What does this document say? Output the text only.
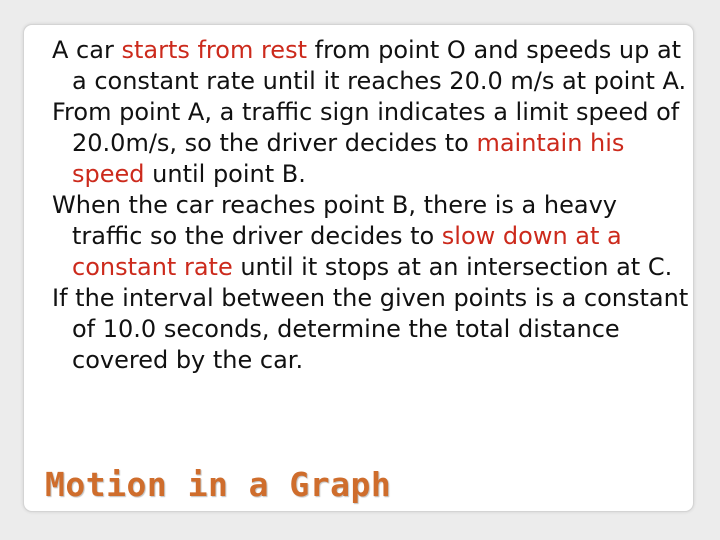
A car starts from rest from point O and speeds up at a constant rate until it reaches 20.0 m/s at point A.

From point A, a traffic sign indicates a limit speed of 20.0m/s, so the driver decides to maintain his speed until point B.

When the car reaches point B, there is a heavy traffic so the driver decides to slow down at a constant rate until it stops at an intersection at C.

If the interval between the given points is a constant of 10.0 seconds, determine the total distance covered by the car.

Motion in a Graph
